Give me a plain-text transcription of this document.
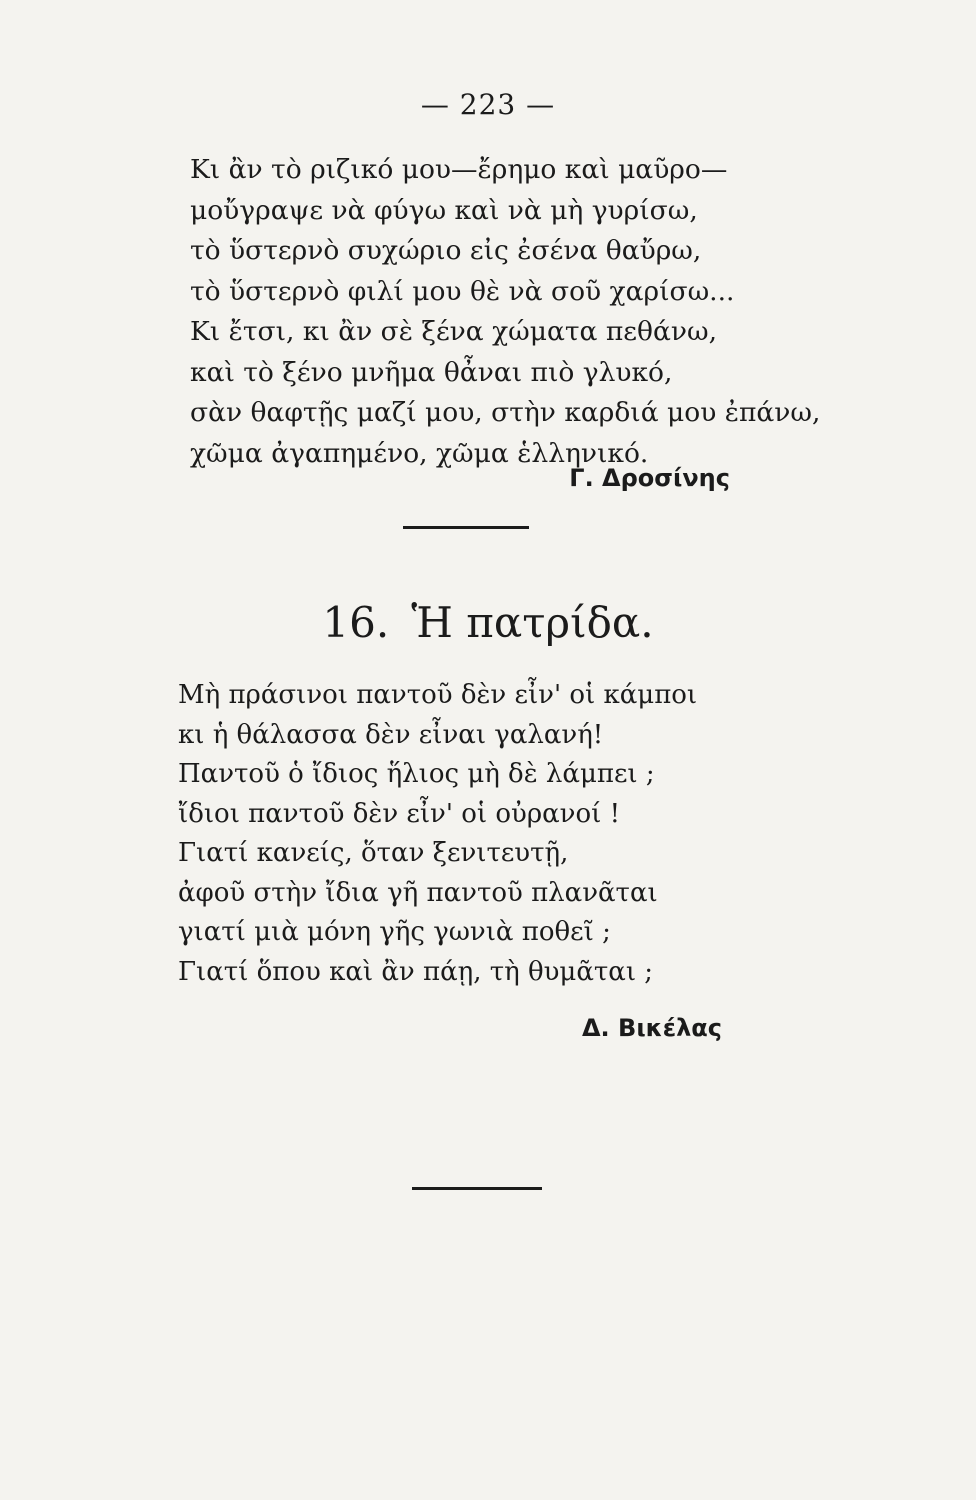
— 223 —
Κι ἂν τὸ ριζικό μου—ἔρημο καὶ μαῦρο—
μοὔγραψε νὰ φύγω καὶ νὰ μὴ γυρίσω,
τὸ ὕστερνὸ συχώριο εἰς ἐσένα θαὔρω,
τὸ ὕστερνὸ φιλί μου θὲ νὰ σοῦ χαρίσω...
Κι ἔτσι, κι ἂν σὲ ξένα χώματα πεθάνω,
καὶ τὸ ξένο μνῆμα θἆναι πιὸ γλυκό,
σὰν θαφτῇς μαζί μου, στὴν καρδιά μου ἐπάνω,
χῶμα ἀγαπημένο, χῶμα ἑλληνικό.
Γ. Δροσίνης
16. Ἡ πατρίδα.
Μὴ πράσινοι παντοῦ δὲν εἶν' οἱ κάμποι
κι ἡ θάλασσα δὲν εἶναι γαλανή!
Παντοῦ ὁ ἴδιος ἥλιος μὴ δὲ λάμπει ;
ἴδιοι παντοῦ δὲν εἶν' οἱ οὐρανοί !
Γιατί κανείς, ὅταν ξενιτευτῇ,
ἀφοῦ στὴν ἴδια γῆ παντοῦ πλανᾶται
γιατί μιὰ μόνη γῆς γωνιὰ ποθεῖ ;
Γιατί ὅπου καὶ ἂν πάῃ, τὴ θυμᾶται ;
Δ. Βικέλας
